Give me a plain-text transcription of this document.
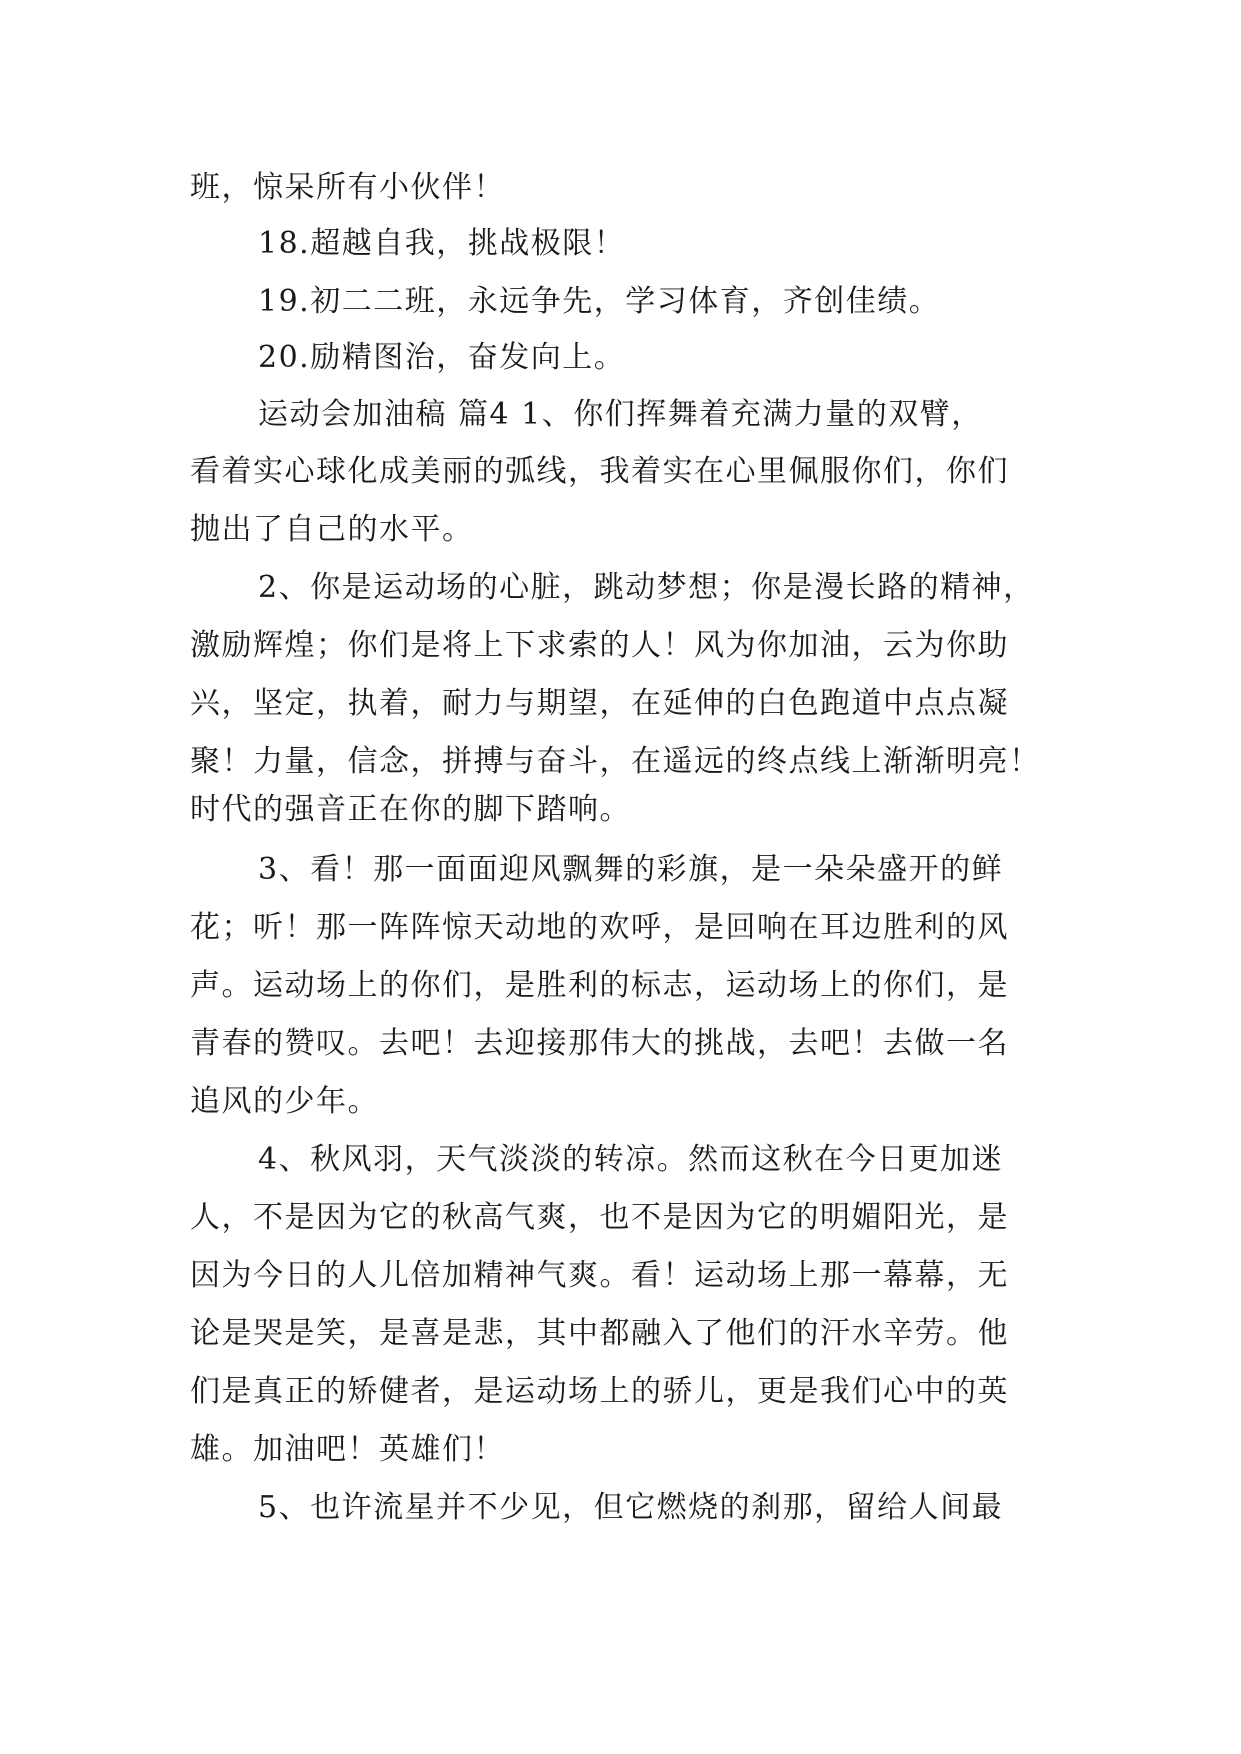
班，惊呆所有小伙伴！
18.超越自我，挑战极限！
19.初二二班，永远争先，学习体育，齐创佳绩。
20.励精图治，奋发向上。
运动会加油稿 篇4 1、你们挥舞着充满力量的双臂，
看着实心球化成美丽的弧线，我着实在心里佩服你们，你们
抛出了自己的水平。
2、你是运动场的心脏，跳动梦想；你是漫长路的精神，
激励辉煌；你们是将上下求索的人！风为你加油，云为你助
兴，坚定，执着，耐力与期望，在延伸的白色跑道中点点凝
聚！力量，信念，拼搏与奋斗，在遥远的终点线上渐渐明亮！
时代的强音正在你的脚下踏响。
3、看！那一面面迎风飘舞的彩旗，是一朵朵盛开的鲜
花；听！那一阵阵惊天动地的欢呼，是回响在耳边胜利的风
声。运动场上的你们，是胜利的标志，运动场上的你们，是
青春的赞叹。去吧！去迎接那伟大的挑战，去吧！去做一名
追风的少年。
4、秋风羽，天气淡淡的转凉。然而这秋在今日更加迷
人，不是因为它的秋高气爽，也不是因为它的明媚阳光，是
因为今日的人儿倍加精神气爽。看！运动场上那一幕幕，无
论是哭是笑，是喜是悲，其中都融入了他们的汗水辛劳。他
们是真正的矫健者，是运动场上的骄儿，更是我们心中的英
雄。加油吧！英雄们！
5、也许流星并不少见，但它燃烧的刹那，留给人间最
